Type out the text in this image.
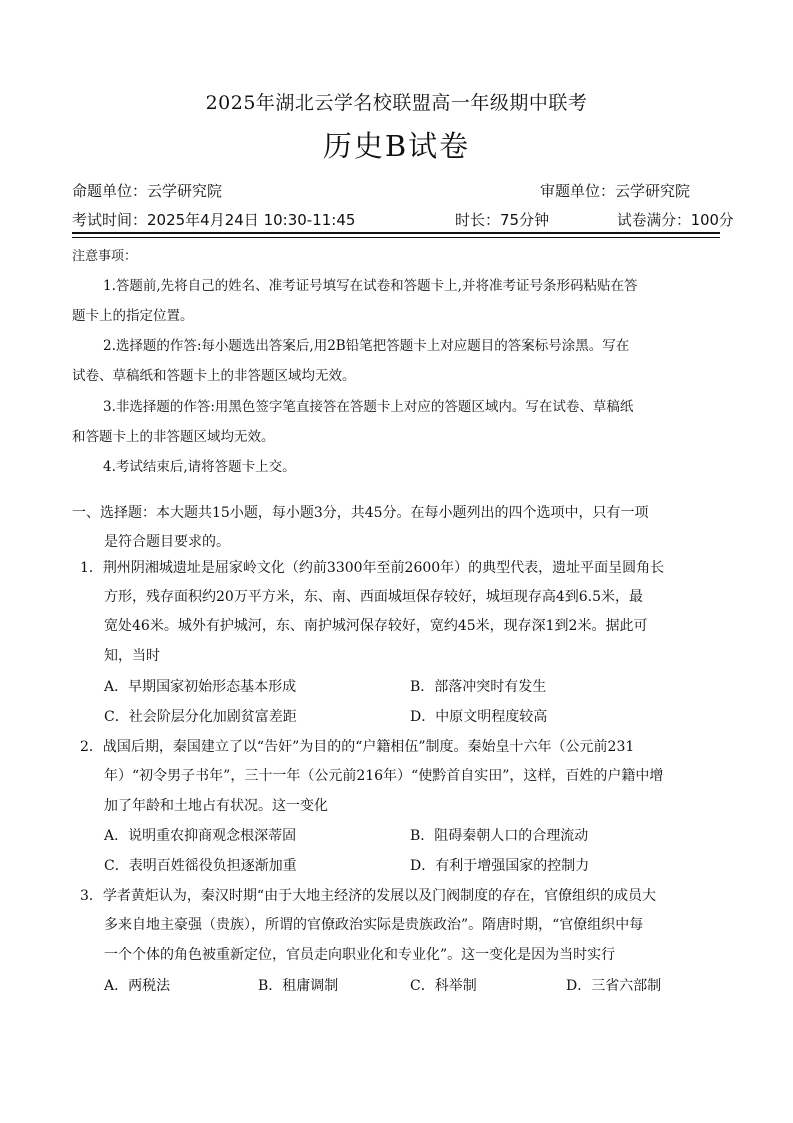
2025年湖北云学名校联盟高一年级期中联考
历史B试卷
命题单位：云学研究院	审题单位：云学研究院
考试时间：2025年4月24日 10:30-11:45	时长：75分钟	试卷满分：100分
注意事项：
1.答题前,先将自己的姓名、准考证号填写在试卷和答题卡上,并将准考证号条形码粘贴在答
题卡上的指定位置。
2.选择题的作答:每小题选出答案后,用2B铅笔把答题卡上对应题目的答案标号涂黑。写在
试卷、草稿纸和答题卡上的非答题区域均无效。
3.非选择题的作答:用黑色签字笔直接答在答题卡上对应的答题区域内。写在试卷、草稿纸
和答题卡上的非答题区域均无效。
4.考试结束后,请将答题卡上交。
一、选择题：本大题共15小题，每小题3分，共45分。在每小题列出的四个选项中，只有一项
是符合题目要求的。
1．荆州阴湘城遗址是屈家岭文化（约前3300年至前2600年）的典型代表，遗址平面呈圆角长
方形，残存面积约20万平方米，东、南、西面城垣保存较好，城垣现存高4到6.5米，最
宽处46米。城外有护城河，东、南护城河保存较好，宽约45米，现存深1到2米。据此可
知，当时
A．早期国家初始形态基本形成	B．部落冲突时有发生
C．社会阶层分化加剧贫富差距	D．中原文明程度较高
2．战国后期，秦国建立了以“告奸”为目的的“户籍相伍”制度。秦始皇十六年（公元前231
年）“初令男子书年”，三十一年（公元前216年）“使黔首自实田”，这样，百姓的户籍中增
加了年龄和土地占有状况。这一变化
A．说明重农抑商观念根深蒂固	B．阻碍秦朝人口的合理流动
C．表明百姓徭役负担逐渐加重	D．有利于增强国家的控制力
3．学者黄炬认为，秦汉时期“由于大地主经济的发展以及门阀制度的存在，官僚组织的成员大
多来自地主豪强（贵族），所谓的官僚政治实际是贵族政治”。隋唐时期，“官僚组织中每
一个个体的角色被重新定位，官员走向职业化和专业化”。这一变化是因为当时实行
A．两税法	B．租庸调制	C．科举制	D．三省六部制
